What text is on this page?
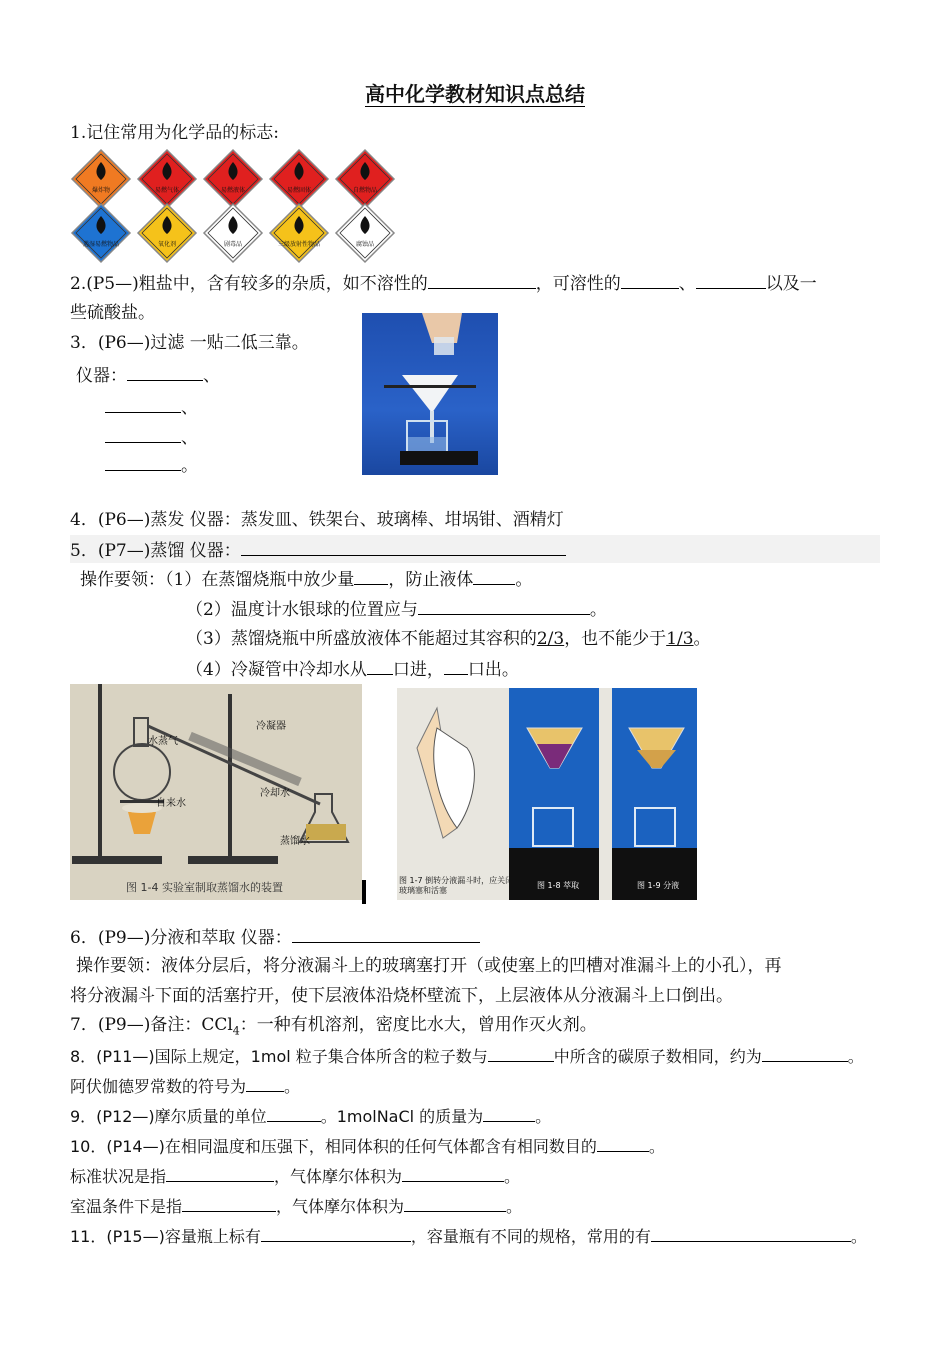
高中化学教材知识点总结
1.记住常用为化学品的标志:
爆炸物	易燃气体	易燃液体	易燃固体	自燃物品
遇湿易燃物品	氧化剂	剧毒品	三级放射性物品	腐蚀品
2.(P5—)粗盐中，含有较多的杂质，如不溶性的	，可溶性的	、	以及一
些硫酸盐。
3．(P6—)过滤 一贴二低三靠。
仪器：	、
、
、
。
4．(P6—)蒸发 仪器：蒸发皿、铁架台、玻璃棒、坩埚钳、酒精灯
5．(P7—)蒸馏 仪器：
操作要领：（1）在蒸馏烧瓶中放少量 ，防止液体 。
（2）温度计水银球的位置应与	。
（3）蒸馏烧瓶中所盛放液体不能超过其容积的2/3，也不能少于1/3。
（4）冷凝管中冷却水从 口进， 口出。
水蒸气
冷凝器
自来水
冷却水
蒸馏水
图 1-4 实验室制取蒸馏水的装置
图 1-7 倒转分液漏斗时，应关闭
玻璃塞和活塞
图 1-8 萃取	图 1-9 分液
6．(P9—)分液和萃取 仪器：
操作要领：液体分层后，将分液漏斗上的玻璃塞打开（或使塞上的凹槽对准漏斗上的小孔），再
将分液漏斗下面的活塞拧开，使下层液体沿烧杯壁流下，上层液体从分液漏斗上口倒出。
7．(P9—)备注：CCl$_4$：一种有机溶剂，密度比水大，曾用作灭火剂。
8．(P11—)国际上规定，1mol 粒子集合体所含的粒子数与	中所含的碳原子数相同，约为	。
阿伏伽德罗常数的符号为 。
9．(P12—)摩尔质量的单位	。1molNaCl 的质量为	。
10．(P14—)在相同温度和压强下，相同体积的任何气体都含有相同数目的	。
标准状况是指	，气体摩尔体积为	。
室温条件下是指	，气体摩尔体积为	。
11．(P15—)容量瓶上标有	，容量瓶有不同的规格，常用的有	。
